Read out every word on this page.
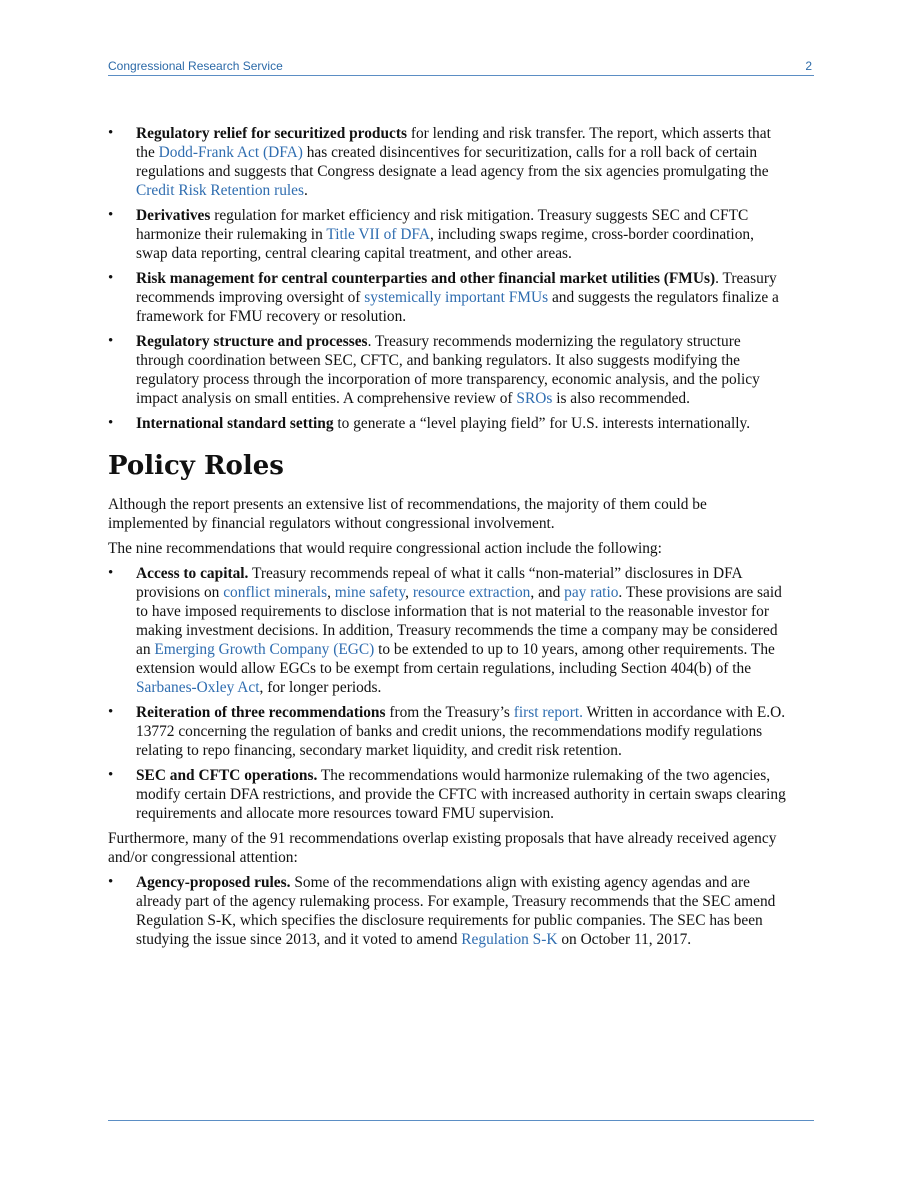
Congressional Research Service	2
• Regulatory relief for securitized products for lending and risk transfer. The report, which asserts that the Dodd-Frank Act (DFA) has created disincentives for securitization, calls for a roll back of certain regulations and suggests that Congress designate a lead agency from the six agencies promulgating the Credit Risk Retention rules.
• Derivatives regulation for market efficiency and risk mitigation. Treasury suggests SEC and CFTC harmonize their rulemaking in Title VII of DFA, including swaps regime, cross-border coordination, swap data reporting, central clearing capital treatment, and other areas.
• Risk management for central counterparties and other financial market utilities (FMUs). Treasury recommends improving oversight of systemically important FMUs and suggests the regulators finalize a framework for FMU recovery or resolution.
• Regulatory structure and processes. Treasury recommends modernizing the regulatory structure through coordination between SEC, CFTC, and banking regulators. It also suggests modifying the regulatory process through the incorporation of more transparency, economic analysis, and the policy impact analysis on small entities. A comprehensive review of SROs is also recommended.
• International standard setting to generate a “level playing field” for U.S. interests internationally.
Policy Roles

Although the report presents an extensive list of recommendations, the majority of them could be implemented by financial regulators without congressional involvement.

The nine recommendations that would require congressional action include the following:

• Access to capital. Treasury recommends repeal of what it calls “non-material” disclosures in DFA provisions on conflict minerals, mine safety, resource extraction, and pay ratio. These provisions are said to have imposed requirements to disclose information that is not material to the reasonable investor for making investment decisions. In addition, Treasury recommends the time a company may be considered an Emerging Growth Company (EGC) to be extended to up to 10 years, among other requirements. The extension would allow EGCs to be exempt from certain regulations, including Section 404(b) of the Sarbanes-Oxley Act, for longer periods.
• Reiteration of three recommendations from the Treasury’s first report. Written in accordance with E.O. 13772 concerning the regulation of banks and credit unions, the recommendations modify regulations relating to repo financing, secondary market liquidity, and credit risk retention.
• SEC and CFTC operations. The recommendations would harmonize rulemaking of the two agencies, modify certain DFA restrictions, and provide the CFTC with increased authority in certain swaps clearing requirements and allocate more resources toward FMU supervision.

Furthermore, many of the 91 recommendations overlap existing proposals that have already received agency and/or congressional attention:

• Agency-proposed rules. Some of the recommendations align with existing agency agendas and are already part of the agency rulemaking process. For example, Treasury recommends that the SEC amend Regulation S-K, which specifies the disclosure requirements for public companies. The SEC has been studying the issue since 2013, and it voted to amend Regulation S-K on October 11, 2017.
